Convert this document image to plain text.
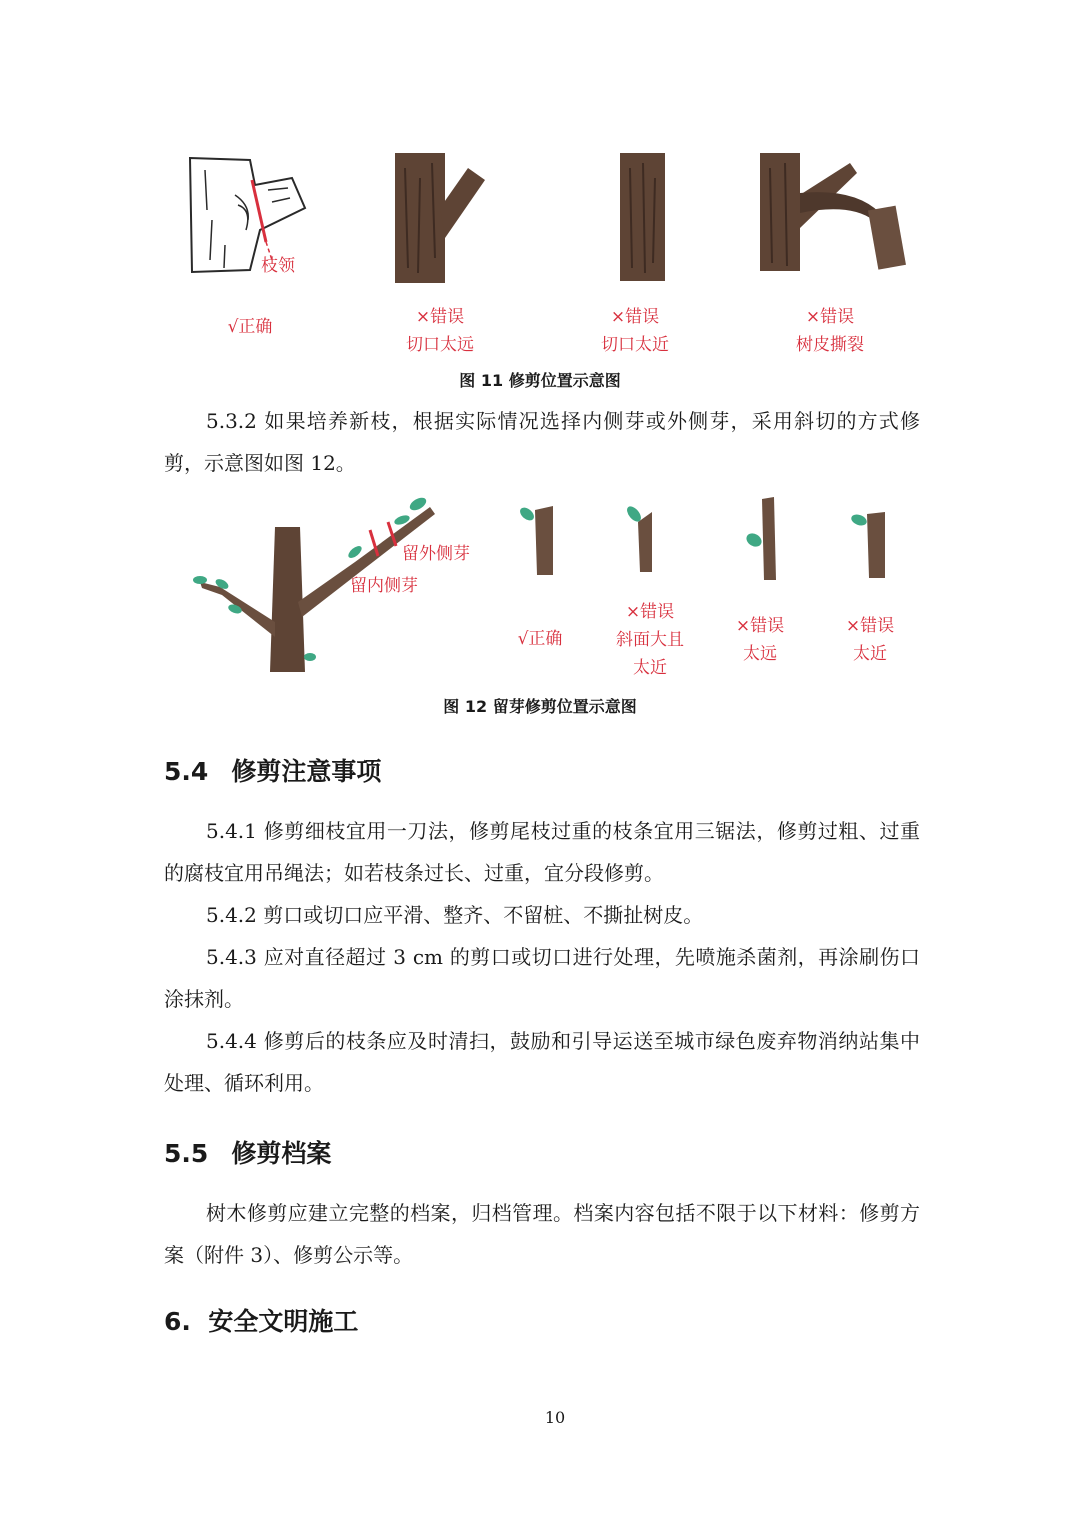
枝领
√正确	×错误
切口太远
×错误
切口太近
×错误
树皮撕裂
图 11 修剪位置示意图
5.3.2 如果培养新枝，根据实际情况选择内侧芽或外侧芽，采用斜切的方式修剪，示意图如图 12。
留外侧芽
留内侧芽
√正确
×错误
斜面大且
太近
×错误
太远
×错误
太近
图 12 留芽修剪位置示意图
5.4 修剪注意事项
5.4.1 修剪细枝宜用一刀法，修剪尾枝过重的枝条宜用三锯法，修剪过粗、过重的腐枝宜用吊绳法；如若枝条过长、过重，宜分段修剪。
5.4.2 剪口或切口应平滑、整齐、不留桩、不撕扯树皮。
5.4.3 应对直径超过 3 cm 的剪口或切口进行处理，先喷施杀菌剂，再涂刷伤口涂抹剂。
5.4.4 修剪后的枝条应及时清扫，鼓励和引导运送至城市绿色废弃物消纳站集中处理、循环利用。
5.5 修剪档案
树木修剪应建立完整的档案，归档管理。档案内容包括不限于以下材料：修剪方案（附件 3）、修剪公示等。
6. 安全文明施工
10
